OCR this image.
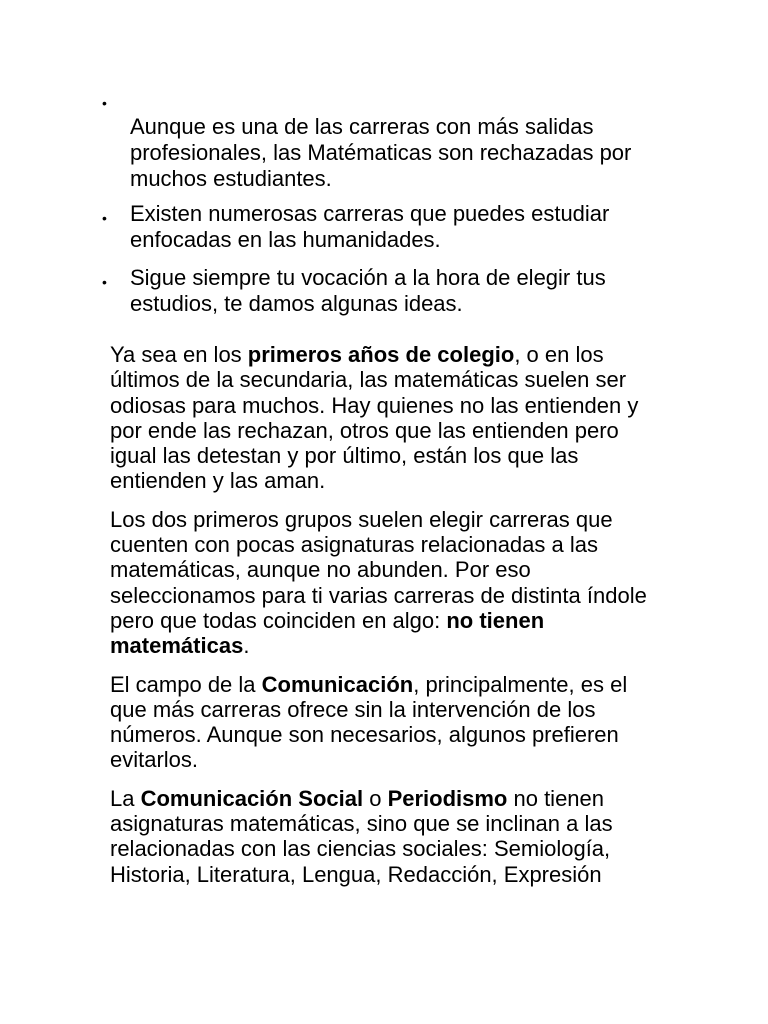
•
Aunque es una de las carreras con más salidas profesionales, las Matématicas son rechazadas por muchos estudiantes.
• Existen numerosas carreras que puedes estudiar enfocadas en las humanidades.
• Sigue siempre tu vocación a la hora de elegir tus estudios, te damos algunas ideas.

Ya sea en los primeros años de colegio, o en los últimos de la secundaria, las matemáticas suelen ser odiosas para muchos. Hay quienes no las entienden y por ende las rechazan, otros que las entienden pero igual las detestan y por último, están los que las entienden y las aman.

Los dos primeros grupos suelen elegir carreras que cuenten con pocas asignaturas relacionadas a las matemáticas, aunque no abunden. Por eso seleccionamos para ti varias carreras de distinta índole pero que todas coinciden en algo: no tienen matemáticas.

El campo de la Comunicación, principalmente, es el que más carreras ofrece sin la intervención de los números. Aunque son necesarios, algunos prefieren evitarlos.

La Comunicación Social o Periodismo no tienen asignaturas matemáticas, sino que se inclinan a las relacionadas con las ciencias sociales: Semiología, Historia, Literatura, Lengua, Redacción, Expresión
